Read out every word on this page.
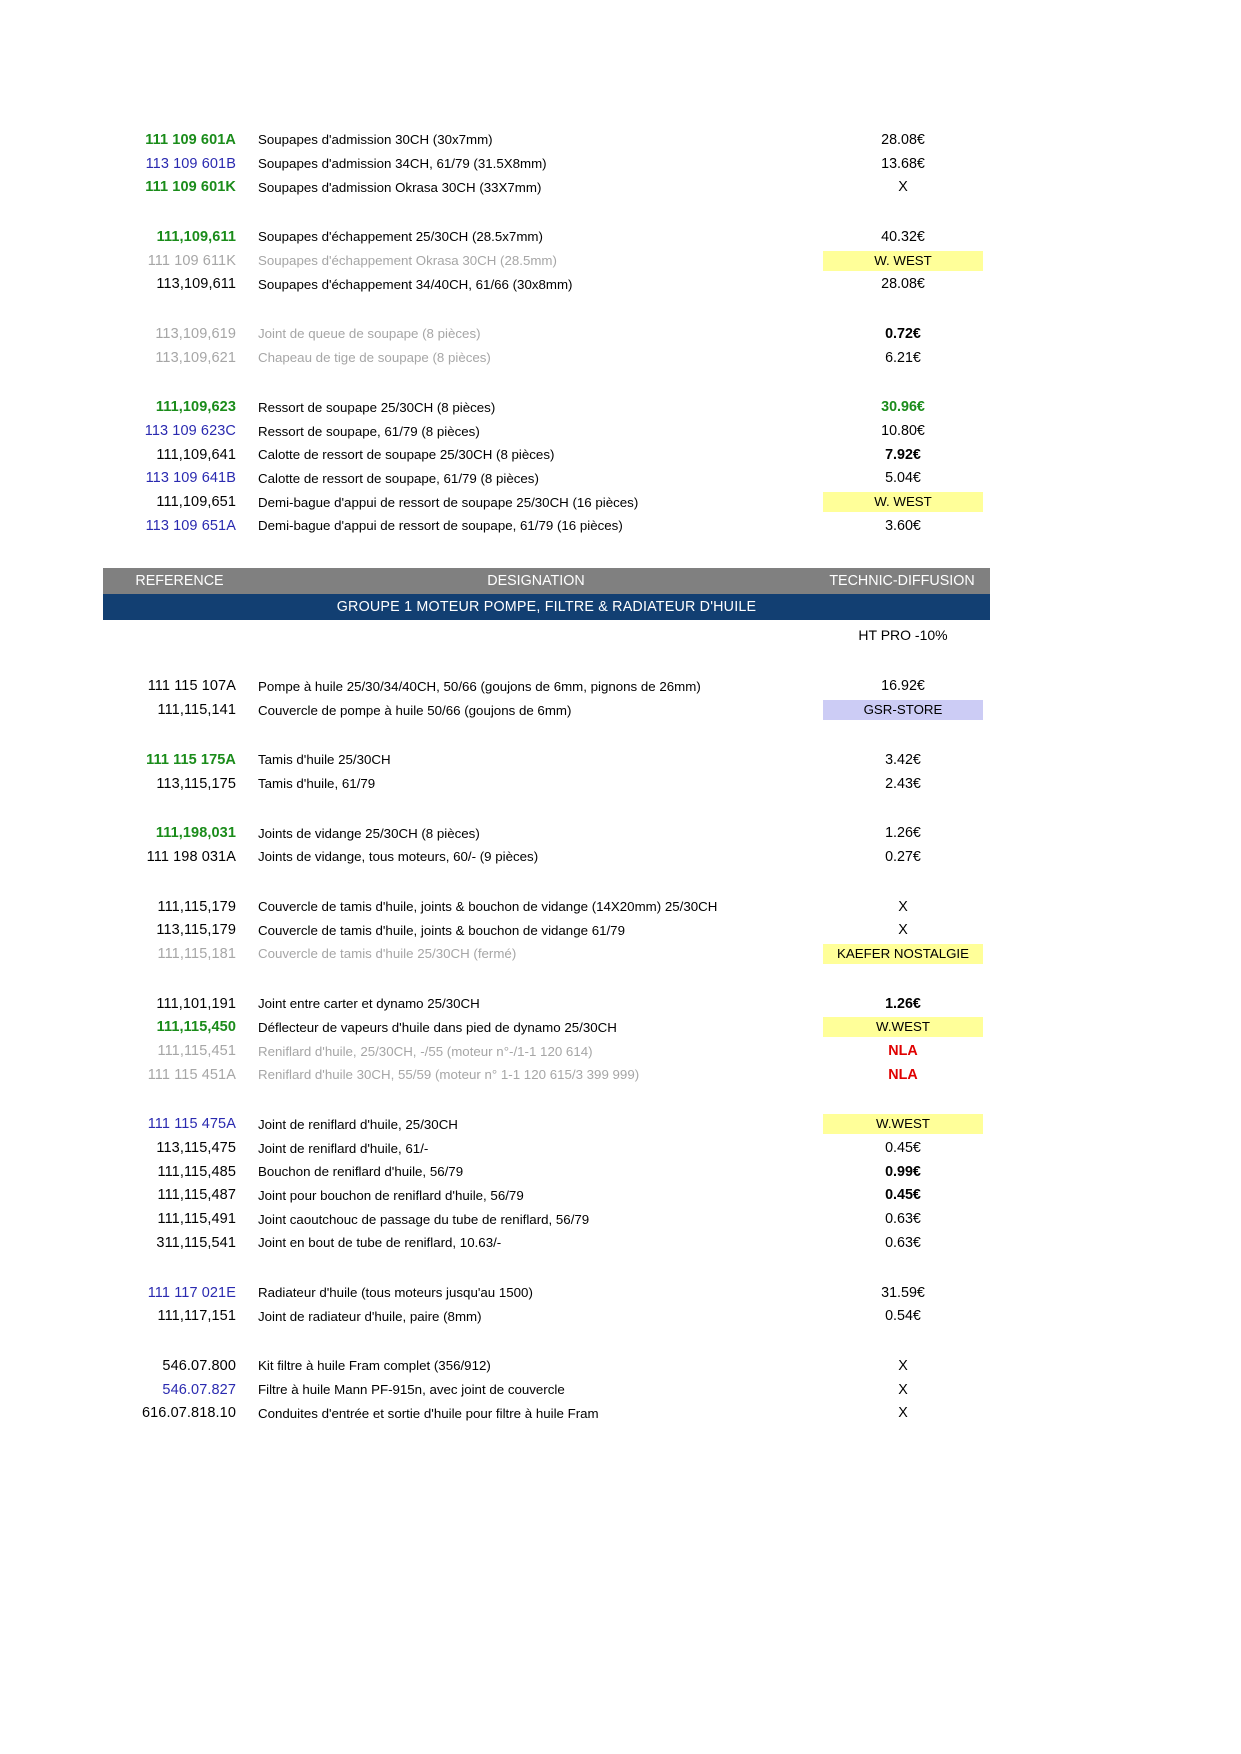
111 109 601A	Soupapes d'admission 30CH (30x7mm)	28.08€
113 109 601B	Soupapes d'admission 34CH, 61/79 (31.5X8mm)	13.68€
111 109 601K	Soupapes d'admission Okrasa 30CH (33X7mm)	X
111,109,611	Soupapes d'échappement 25/30CH (28.5x7mm)	40.32€
111 109 611K	Soupapes d'échappement Okrasa 30CH (28.5mm)	W. WEST
113,109,611	Soupapes d'échappement 34/40CH, 61/66 (30x8mm)	28.08€
113,109,619	Joint de queue de soupape (8 pièces)	0.72€
113,109,621	Chapeau de tige de soupape (8 pièces)	6.21€
111,109,623	Ressort de soupape 25/30CH (8 pièces)	30.96€
113 109 623C	Ressort de soupape, 61/79 (8 pièces)	10.80€
111,109,641	Calotte de ressort de soupape 25/30CH (8 pièces)	7.92€
113 109 641B	Calotte de ressort de soupape, 61/79 (8 pièces)	5.04€
111,109,651	Demi-bague d'appui de ressort de soupape 25/30CH (16 pièces)	W. WEST
113 109 651A	Demi-bague d'appui de ressort de soupape, 61/79 (16 pièces)	3.60€
REFERENCE	DESIGNATION	TECHNIC-DIFFUSION
GROUPE 1 MOTEUR POMPE, FILTRE & RADIATEUR D'HUILE
HT PRO -10%
111 115 107A	Pompe à huile 25/30/34/40CH, 50/66 (goujons de 6mm, pignons de 26mm)	16.92€
111,115,141	Couvercle de pompe à huile 50/66 (goujons de 6mm)	GSR-STORE
111 115 175A	Tamis d'huile 25/30CH	3.42€
113,115,175	Tamis d'huile, 61/79	2.43€
111,198,031	Joints de vidange 25/30CH (8 pièces)	1.26€
111 198 031A	Joints de vidange, tous moteurs, 60/- (9 pièces)	0.27€
111,115,179	Couvercle de tamis d'huile, joints & bouchon de vidange (14X20mm) 25/30CH	X
113,115,179	Couvercle de tamis d'huile, joints & bouchon de vidange 61/79	X
111,115,181	Couvercle de tamis d'huile 25/30CH (fermé)	KAEFER NOSTALGIE
111,101,191	Joint entre carter et dynamo 25/30CH	1.26€
111,115,450	Déflecteur de vapeurs d'huile dans pied de dynamo 25/30CH	W.WEST
111,115,451	Reniflard d'huile, 25/30CH, -/55 (moteur n°-/1-1 120 614)	NLA
111 115 451A	Reniflard d'huile 30CH, 55/59 (moteur n° 1-1 120 615/3 399 999)	NLA
111 115 475A	Joint de reniflard d'huile, 25/30CH	W.WEST
113,115,475	Joint de reniflard d'huile, 61/-	0.45€
111,115,485	Bouchon de reniflard d'huile, 56/79	0.99€
111,115,487	Joint pour bouchon de reniflard d'huile, 56/79	0.45€
111,115,491	Joint caoutchouc de passage du tube de reniflard, 56/79	0.63€
311,115,541	Joint en bout de tube de reniflard, 10.63/-	0.63€
111 117 021E	Radiateur d'huile (tous moteurs jusqu'au 1500)	31.59€
111,117,151	Joint de radiateur d'huile, paire (8mm)	0.54€
546.07.800	Kit filtre à huile Fram complet (356/912)	X
546.07.827	Filtre à huile Mann PF-915n, avec joint de couvercle	X
616.07.818.10	Conduites d'entrée et sortie d'huile pour filtre à huile Fram	X
